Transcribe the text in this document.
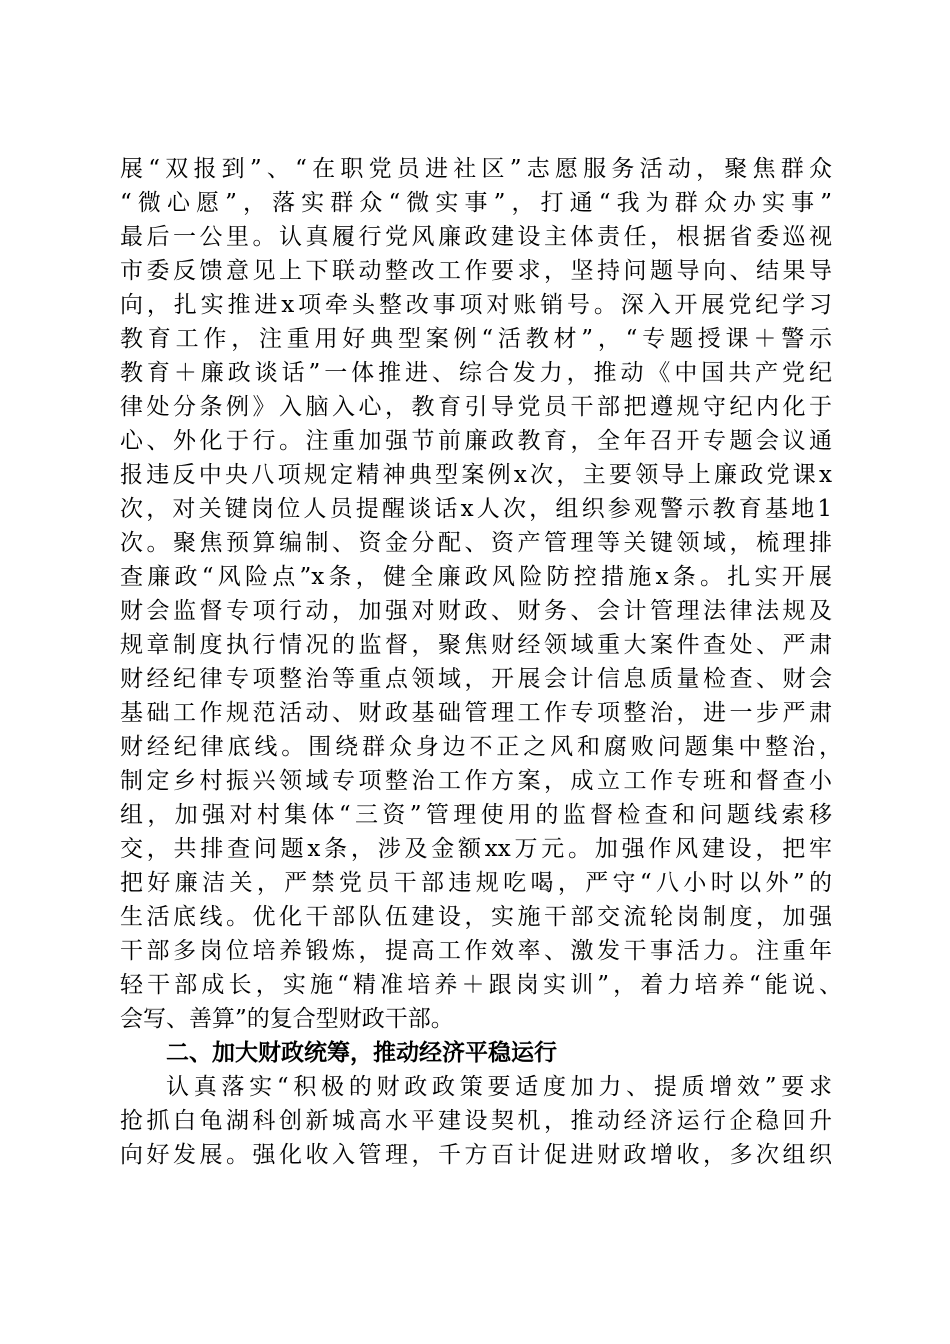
展“双报到”、“在职党员进社区”志愿服务活动，聚焦群众
“微心愿”，落实群众“微实事”，打通“我为群众办实事”
最后一公里。认真履行党风廉政建设主体责任，根据省委巡视
市委反馈意见上下联动整改工作要求，坚持问题导向、结果导
向，扎实推进x项牵头整改事项对账销号。深入开展党纪学习
教育工作，注重用好典型案例“活教材”，“专题授课＋警示
教育＋廉政谈话”一体推进、综合发力，推动《中国共产党纪
律处分条例》入脑入心，教育引导党员干部把遵规守纪内化于
心、外化于行。注重加强节前廉政教育，全年召开专题会议通
报违反中央八项规定精神典型案例x次，主要领导上廉政党课x
次，对关键岗位人员提醒谈话x人次，组织参观警示教育基地1
次。聚焦预算编制、资金分配、资产管理等关键领域，梳理排
查廉政“风险点”x条，健全廉政风险防控措施x条。扎实开展
财会监督专项行动，加强对财政、财务、会计管理法律法规及
规章制度执行情况的监督，聚焦财经领域重大案件查处、严肃
财经纪律专项整治等重点领域，开展会计信息质量检查、财会
基础工作规范活动、财政基础管理工作专项整治，进一步严肃
财经纪律底线。围绕群众身边不正之风和腐败问题集中整治，
制定乡村振兴领域专项整治工作方案，成立工作专班和督查小
组，加强对村集体“三资”管理使用的监督检查和问题线索移
交，共排查问题x条，涉及金额xx万元。加强作风建设，把牢
把好廉洁关，严禁党员干部违规吃喝，严守“八小时以外”的
生活底线。优化干部队伍建设，实施干部交流轮岗制度，加强
干部多岗位培养锻炼，提高工作效率、激发干事活力。注重年
轻干部成长，实施“精准培养＋跟岗实训”，着力培养“能说、
会写、善算”的复合型财政干部。
二、加大财政统筹，推动经济平稳运行
认真落实“积极的财政政策要适度加力、提质增效”要求
抢抓白龟湖科创新城高水平建设契机，推动经济运行企稳回升
向好发展。强化收入管理，千方百计促进财政增收，多次组织
